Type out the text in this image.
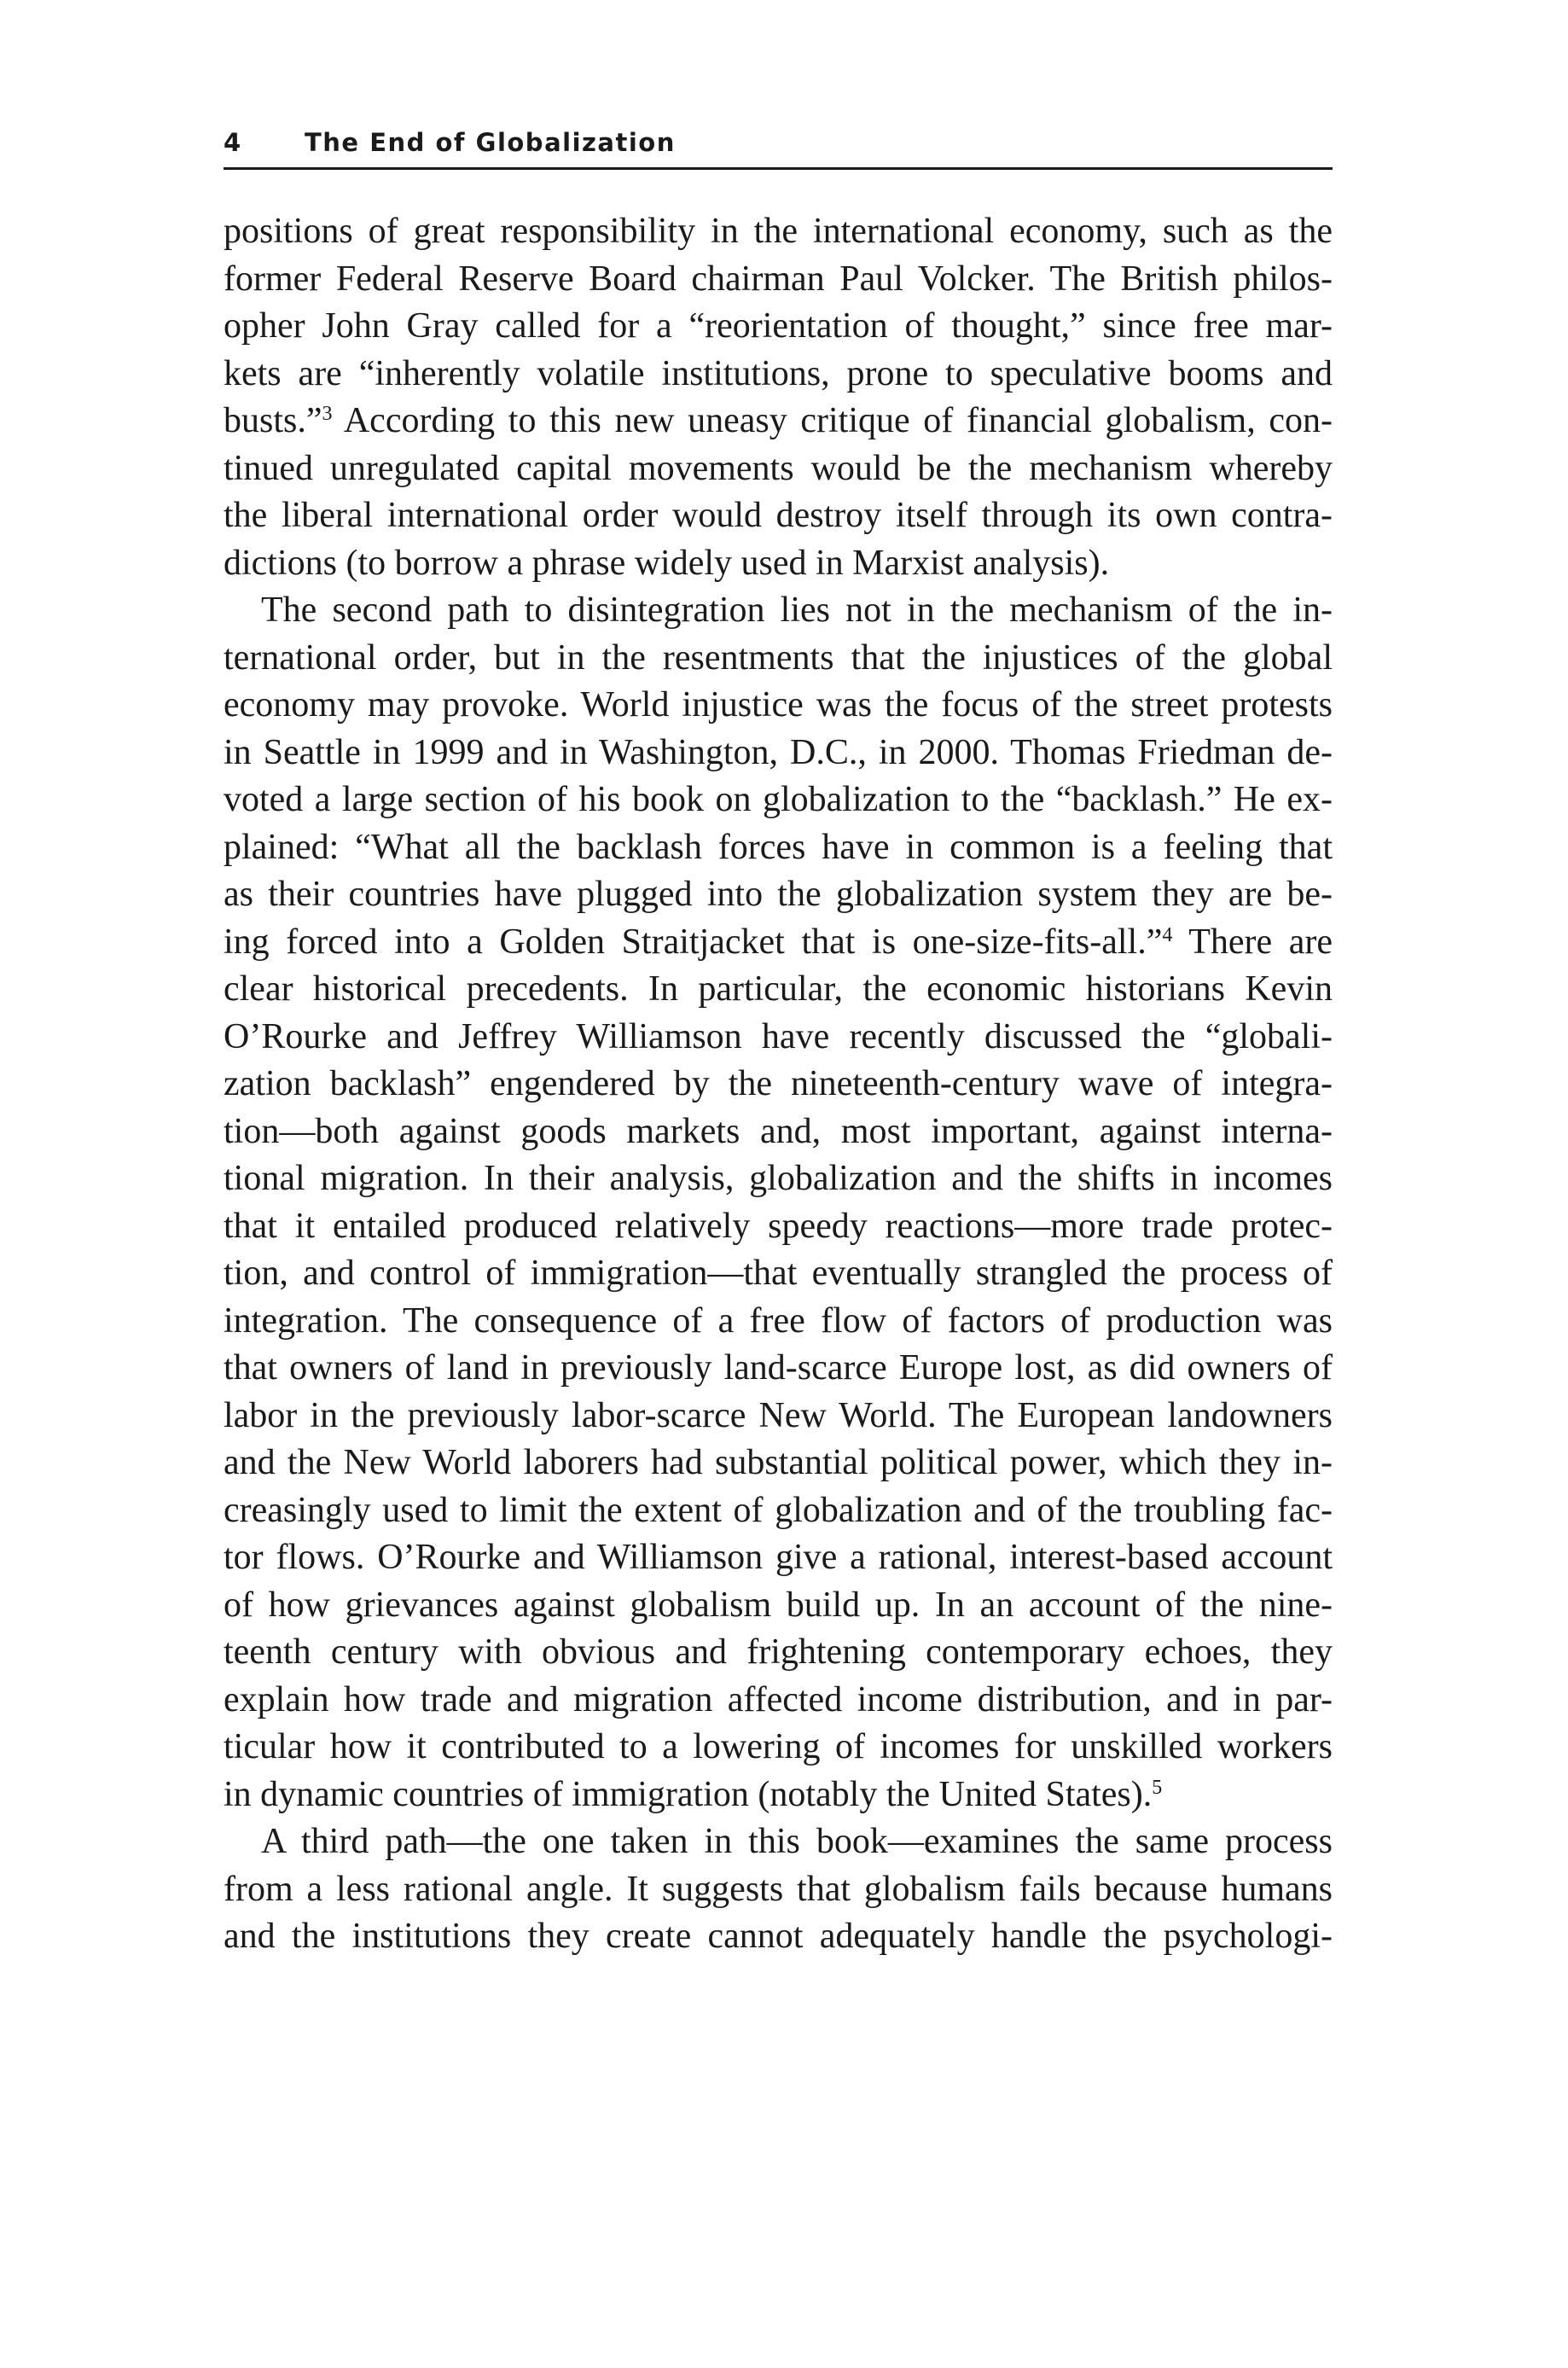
4	The End of Globalization

positions of great responsibility in the international economy, such as the
former Federal Reserve Board chairman Paul Volcker. The British philos-
opher John Gray called for a “reorientation of thought,” since free mar-
kets are “inherently volatile institutions, prone to speculative booms and
busts.”$^3$ According to this new uneasy critique of financial globalism, con-
tinued unregulated capital movements would be the mechanism whereby
the liberal international order would destroy itself through its own contra-
dictions (to borrow a phrase widely used in Marxist analysis).

The second path to disintegration lies not in the mechanism of the in-
ternational order, but in the resentments that the injustices of the global
economy may provoke. World injustice was the focus of the street protests
in Seattle in 1999 and in Washington, D.C., in 2000. Thomas Friedman de-
voted a large section of his book on globalization to the “backlash.” He ex-
plained: “What all the backlash forces have in common is a feeling that
as their countries have plugged into the globalization system they are be-
ing forced into a Golden Straitjacket that is one-size-fits-all.”$^4$ There are
clear historical precedents. In particular, the economic historians Kevin
O’Rourke and Jeffrey Williamson have recently discussed the “globali-
zation backlash” engendered by the nineteenth-century wave of integra-
tion—both against goods markets and, most important, against interna-
tional migration. In their analysis, globalization and the shifts in incomes
that it entailed produced relatively speedy reactions—more trade protec-
tion, and control of immigration—that eventually strangled the process of
integration. The consequence of a free flow of factors of production was
that owners of land in previously land-scarce Europe lost, as did owners of
labor in the previously labor-scarce New World. The European landowners
and the New World laborers had substantial political power, which they in-
creasingly used to limit the extent of globalization and of the troubling fac-
tor flows. O’Rourke and Williamson give a rational, interest-based account
of how grievances against globalism build up. In an account of the nine-
teenth century with obvious and frightening contemporary echoes, they
explain how trade and migration affected income distribution, and in par-
ticular how it contributed to a lowering of incomes for unskilled workers
in dynamic countries of immigration (notably the United States).$^5$

A third path—the one taken in this book—examines the same process
from a less rational angle. It suggests that globalism fails because humans
and the institutions they create cannot adequately handle the psychologi-
